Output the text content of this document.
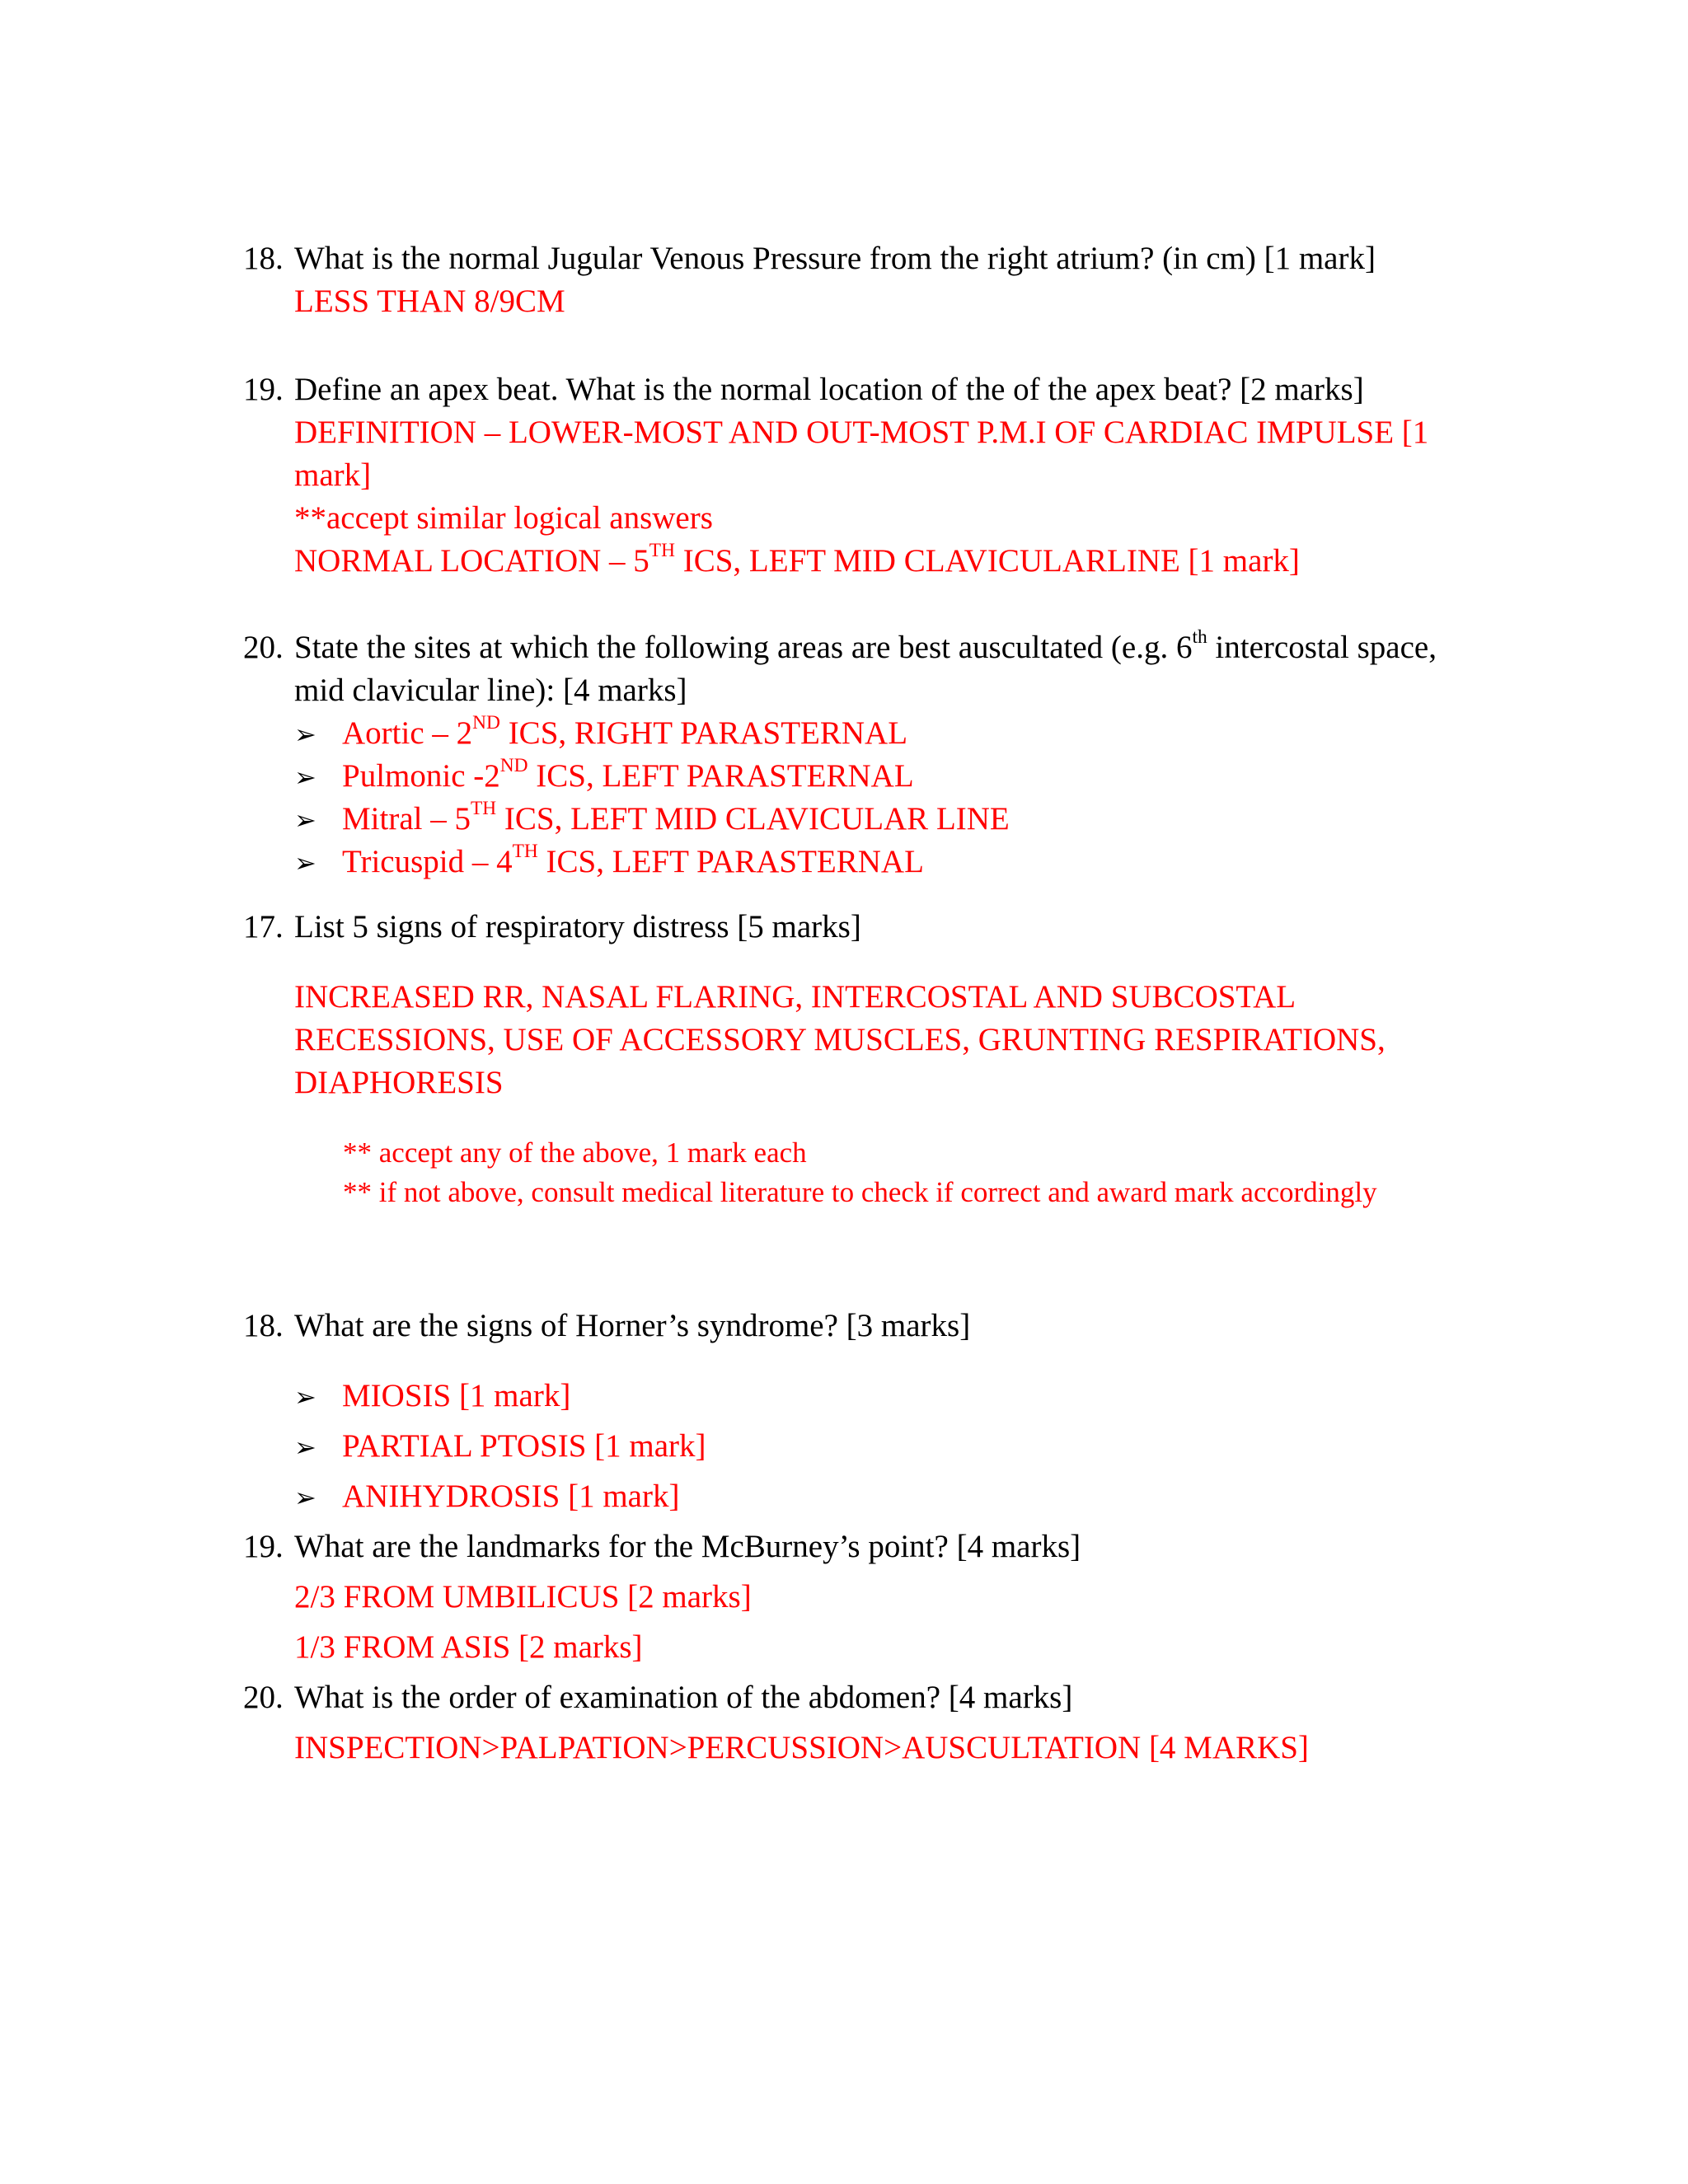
18. What is the normal Jugular Venous Pressure from the right atrium? (in cm) [1 mark]

LESS THAN 8/9CM

19. Define an apex beat. What is the normal location of the of the apex beat? [2 marks]

DEFINITION – LOWER-MOST AND OUT-MOST P.M.I OF CARDIAC IMPULSE [1

mark]

**accept similar logical answers

NORMAL LOCATION – 5TH ICS, LEFT MID CLAVICULARLINE [1 mark]

20. State the sites at which the following areas are best auscultated (e.g. 6th intercostal space,

mid clavicular line): [4 marks]

➢ Aortic – 2ND ICS, RIGHT PARASTERNAL

➢ Pulmonic -2ND ICS, LEFT PARASTERNAL

➢ Mitral – 5TH ICS, LEFT MID CLAVICULAR LINE

➢ Tricuspid – 4TH ICS, LEFT PARASTERNAL

17. List 5 signs of respiratory distress [5 marks]

INCREASED RR, NASAL FLARING, INTERCOSTAL AND SUBCOSTAL

RECESSIONS, USE OF ACCESSORY MUSCLES, GRUNTING RESPIRATIONS,

DIAPHORESIS

** accept any of the above, 1 mark each

** if not above, consult medical literature to check if correct and award mark accordingly

18. What are the signs of Horner’s syndrome? [3 marks]

➢ MIOSIS [1 mark]

➢ PARTIAL PTOSIS [1 mark]

➢ ANIHYDROSIS [1 mark]

19. What are the landmarks for the McBurney’s point? [4 marks]

2/3 FROM UMBILICUS [2 marks]

1/3 FROM ASIS [2 marks]

20. What is the order of examination of the abdomen? [4 marks]

INSPECTION>PALPATION>PERCUSSION>AUSCULTATION [4 MARKS]
